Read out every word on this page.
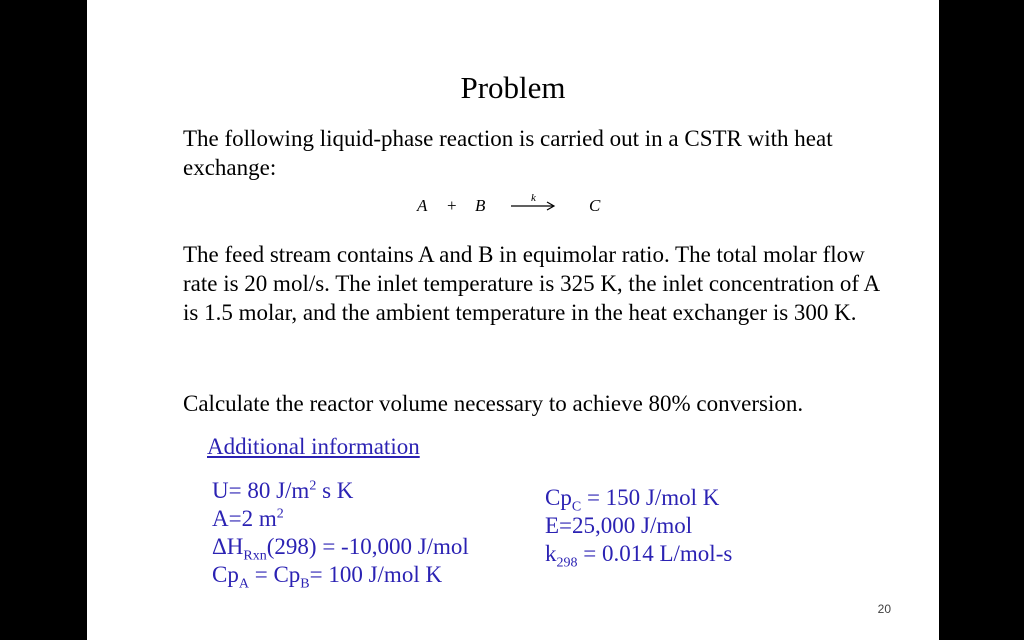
Problem

The following liquid-phase reaction is carried out in a CSTR with heat exchange:

A + B	k	C

The feed stream contains A and B in equimolar ratio. The total molar flow rate is 20 mol/s. The inlet temperature is 325 K, the inlet concentration of A is 1.5 molar, and the ambient temperature in the heat exchanger is 300 K.

Calculate the reactor volume necessary to achieve 80% conversion.

Additional information
U= 80 $J/m^2$ s K
A=2 $m^2$
$\Delta H_{Rxn}(298) = -10,000$ J/mol
$Cp_A = Cp_B= 100$ J/mol K
$Cp_C = 150$ J/mol K
E=25,000 J/mol
$k_{298} = 0.014$ L/mol-s
20
